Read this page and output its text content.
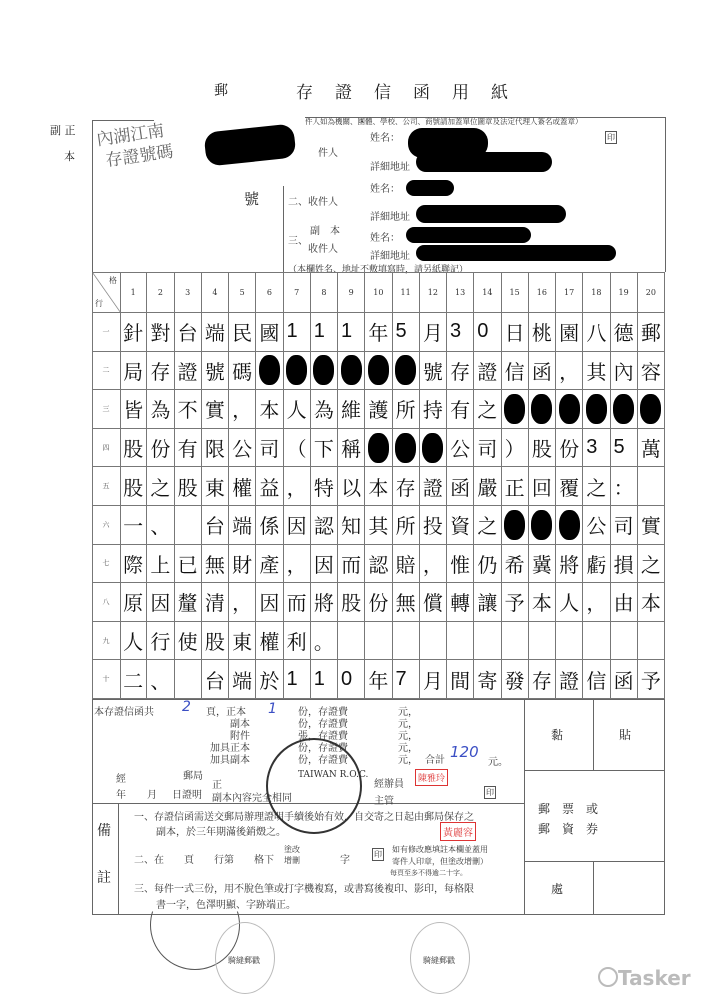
郵	存證信函用紙
副 正
本
內湖江南
存證號碼
號
件人如為機關、團體、學校、公司、商號請加蓋單位圖章及法定代理人簽名或蓋章）
件人
姓名：
詳細地址
印
姓名：
二、收件人
詳細地址
副　本
三、
收件人
姓名：
詳細地址
（本欄姓名、地址不敷填寫時，請另紙聯記）
格
行
1	2	3	4	5	6	7	8	9	10	11	12	13	14	15	16	17	18	19	20
一 針 對 台 端 民 國 1 1 1 年 5 月 3 0 日 桃 園 八 德 郵
二 局 存 證 號 碼	號 存 證 信 函 ， 其 內 容
三 皆 為 不 實 ， 本 人 為 維 護 所 持 有 之
四 股 份 有 限 公 司 （ 下 稱	公 司 ） 股 份 3 5 萬
五 股 之 股 東 權 益 ， 特 以 本 存 證 函 嚴 正 回 覆 之 ：
六 一 、 台 端 係 因 認 知 其 所 投 資 之	公 司 實
七 際 上 已 無 財 產 ， 因 而 認 賠 ， 惟 仍 希 冀 將 虧 損 之
八 原 因 釐 清 ， 因 而 將 股 份 無 償 轉 讓 予 本 人 ， 由 本
九 人 行 使 股 東 權 利 。
十 二 、 台 端 於 1 1 0 年 7 月 間 寄 發 存 證 信 函 予
本存證信函共 2 頁，正本 1 份，存證費	元，
副本	份，存證費	元，
附件	張，存證費	元，
加具正本	份，存證費	元，
加具副本	份，存證費	元， 合計 120
元。
經	郵局
正
年 月 日證明 副本內容完全相同
經辦員	陳雅玲
主管
印
備
註
一、存證信函需送交郵局辦理證明手續後始有效，自交寄之日起由郵局保存之
副本，於三年期滿後銷燬之。
二、在　　頁　　行第　　格下
塗改
增刪	字
印
如有修改應填註本欄並蓋用
寄件人印章，但塗改增刪）
每頁至多不得逾二十字。
黃麗容
三、每件一式三份，用不脫色筆或打字機複寫，或書寫後複印、影印，每格限
書一字，色澤明顯、字跡端正。
黏	貼
郵　票　或
郵　資　券
處
TAIWAN R.O.C.
騎縫郵戳	騎縫郵戳
Tasker
